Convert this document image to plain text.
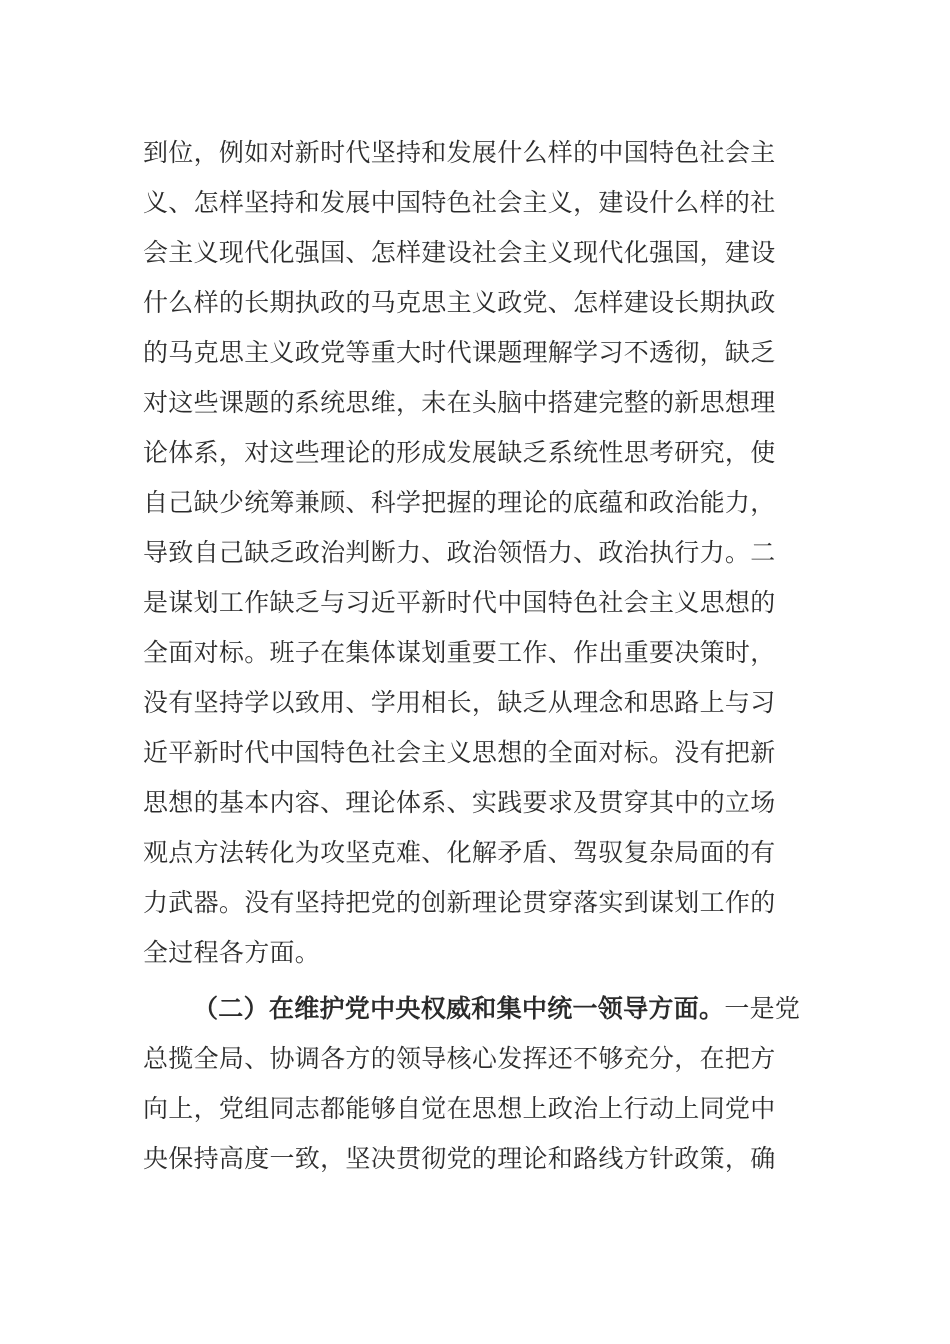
到位，例如对新时代坚持和发展什么样的中国特色社会主
义、怎样坚持和发展中国特色社会主义，建设什么样的社
会主义现代化强国、怎样建设社会主义现代化强国，建设
什么样的长期执政的马克思主义政党、怎样建设长期执政
的马克思主义政党等重大时代课题理解学习不透彻，缺乏
对这些课题的系统思维，未在头脑中搭建完整的新思想理
论体系，对这些理论的形成发展缺乏系统性思考研究，使
自己缺少统筹兼顾、科学把握的理论的底蕴和政治能力，
导致自己缺乏政治判断力、政治领悟力、政治执行力。二
是谋划工作缺乏与习近平新时代中国特色社会主义思想的
全面对标。班子在集体谋划重要工作、作出重要决策时，
没有坚持学以致用、学用相长，缺乏从理念和思路上与习
近平新时代中国特色社会主义思想的全面对标。没有把新
思想的基本内容、理论体系、实践要求及贯穿其中的立场
观点方法转化为攻坚克难、化解矛盾、驾驭复杂局面的有
力武器。没有坚持把党的创新理论贯穿落实到谋划工作的
全过程各方面。
（二）在维护党中央权威和集中统一领导方面。一是党
总揽全局、协调各方的领导核心发挥还不够充分，在把方
向上，党组同志都能够自觉在思想上政治上行动上同党中
央保持高度一致，坚决贯彻党的理论和路线方针政策，确
